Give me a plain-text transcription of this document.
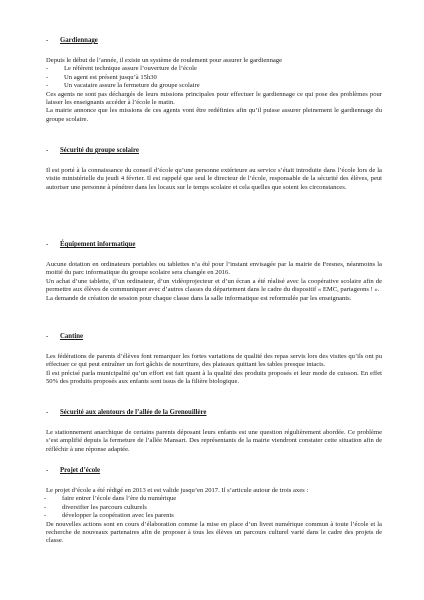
- Gardiennage

Depuis le début de l’année, il existe un système de roulement pour assurer le gardiennage

- Le référent technique assure l’ouverture de l’école
- Un agent est présent jusqu’à 15h30
- Un vacataire assure la fermeture du groupe scolaire

Ces agents ne sont pas déchargés de leurs missions principales pour effectuer le gardiennage ce qui pose des problèmes pour laisser les enseignants accéder à l’école le matin.

La mairie annonce que les missions de ces agents vont être redéfinies afin qu’il puisse assurer pleinement le gardiennage du groupe scolaire.

- Sécurité du groupe scolaire

Il est porté à la connaissance du conseil d’école qu’une personne extérieure au service s’était introduite dans l’école lors de la visite ministérielle du jeudi 4 février. Il est rappelé que seul le directeur de l’école, responsable de la sécurité des élèves, peut autoriser une personne à pénétrer dans les locaux sur le temps scolaire et cela quelles que soient les circonstances.

- Équipement informatique

Aucune dotation en ordinateurs portables ou tablettes n’a été pour l’instant envisagée par la mairie de Fresnes, néanmoins la moitié du parc informatique du groupe scolaire sera changée en 2016.

Un achat d’une tablette, d’un ordinateur, d’un vidéoprojecteur et d’un écran a été réalisé avec la coopérative scolaire afin de permettre aux élèves de communiquer avec d’autres classes du département dans le cadre du dispositif « EMC, partageons ! ».

La demande de création de session pour chaque classe dans la salle informatique est reformulée par les enseignants.

- Cantine

Les fédérations de parents d’élèves font remarquer les fortes variations de qualité des repas servis lors des visites qu’ils ont pu effectuer ce qui peut entraîner un fort gâchis de nourriture, des plateaux quittant les tables presque intacts.

Il est précisé parla municipalité qu’un effort est fait quant à la qualité des produits proposés et leur mode de cuisson. En effet 50% des produits proposés aux enfants sont issus de la filière biologique.

- Sécurité aux alentours de l’allée de la Grenouillère

Le stationnement anarchique de certains parents déposant leurs enfants est une question régulièrement abordée. Ce problème s’est amplifié depuis la fermeture de l’allée Mansart. Des représentants de la mairie viendront constater cette situation afin de réfléchir à une réponse adaptée.

- Projet d’école

Le projet d’école a été rédigé en 2013 et est valide jusqu’en 2017. Il s’articule autour de trois axes :

- faire entrer l’école dans l’ère du numérique
- diversifier les parcours culturels
- développer la coopération avec les parents

De nouvelles actions sont en cours d’élaboration comme la mise en place d’un livret numérique commun à toute l’école et la recherche de nouveaux partenaires afin de proposer à tous les élèves un parcours culturel varié dans le cadre des projets de classe.
